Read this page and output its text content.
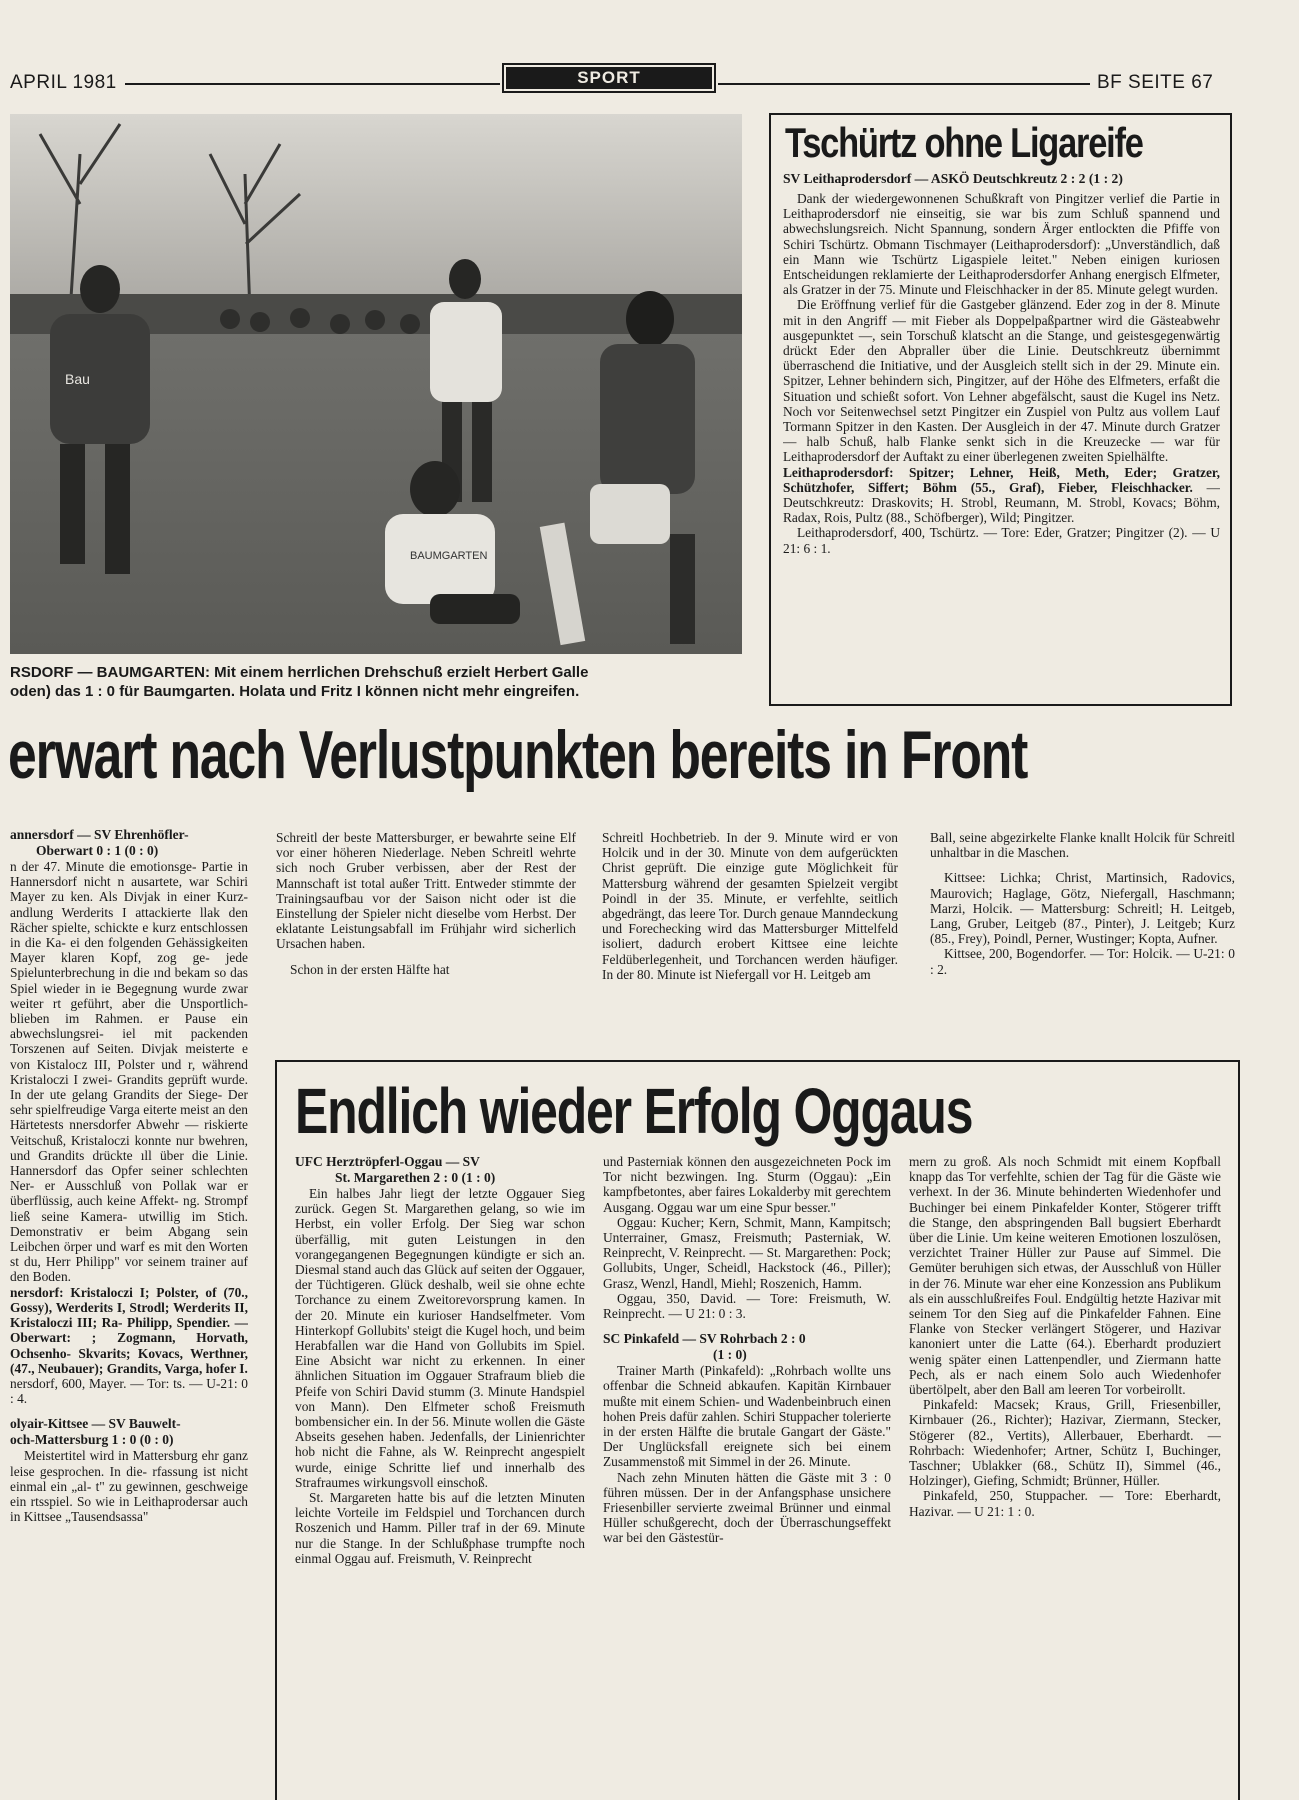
APRIL 1981	SPORT	BF SEITE 67
Bau
BAUMGARTEN
RSDORF — BAUMGARTEN: Mit einem herrlichen Drehschuß erzielt Herbert Galle
oden) das 1 : 0 für Baumgarten. Holata und Fritz I können nicht mehr eingreifen.
Tschürtz ohne Ligareife
SV Leithaprodersdorf — ASKÖ Deutschkreutz 2 : 2 (1 : 2)

Dank der wiedergewonnenen Schußkraft von Pingitzer verlief die Partie in Leithaprodersdorf nie einseitig, sie war bis zum Schluß spannend und abwechslungsreich. Nicht Spannung, sondern Ärger entlockten die Pfiffe von Schiri Tschürtz. Obmann Tischmayer (Leithaprodersdorf): „Unverständlich, daß ein Mann wie Tschürtz Ligaspiele leitet." Neben einigen kuriosen Entscheidungen reklamierte der Leithaprodersdorfer Anhang energisch Elfmeter, als Gratzer in der 75. Minute und Fleischhacker in der 85. Minute gelegt wurden.

Die Eröffnung verlief für die Gastgeber glänzend. Eder zog in der 8. Minute mit in den Angriff — mit Fieber als Doppelpaßpartner wird die Gästeabwehr ausgepunktet —, sein Torschuß klatscht an die Stange, und geistesgegenwärtig drückt Eder den Abpraller über die Linie. Deutschkreutz übernimmt überraschend die Initiative, und der Ausgleich stellt sich in der 29. Minute ein. Spitzer, Lehner behindern sich, Pingitzer, auf der Höhe des Elfmeters, erfaßt die Situation und schießt sofort. Von Lehner abgefälscht, saust die Kugel ins Netz. Noch vor Seitenwechsel setzt Pingitzer ein Zuspiel von Pultz aus vollem Lauf Tormann Spitzer in den Kasten. Der Ausgleich in der 47. Minute durch Gratzer — halb Schuß, halb Flanke senkt sich in die Kreuzecke — war für Leithaprodersdorf der Auftakt zu einer überlegenen zweiten Spielhälfte.

Leithaprodersdorf: Spitzer; Lehner, Heiß, Meth, Eder; Gratzer, Schützhofer, Siffert; Böhm (55., Graf), Fieber, Fleischhacker. — Deutschkreutz: Draskovits; H. Strobl, Reumann, M. Strobl, Kovacs; Böhm, Radax, Rois, Pultz (88., Schöfberger), Wild; Pingitzer.

Leithaprodersdorf, 400, Tschürtz. — Tore: Eder, Gratzer; Pingitzer (2). — U 21: 6 : 1.

erwart nach Verlustpunkten bereits in Front
annersdorf — SV Ehrenhöfler-
Oberwart 0 : 1 (0 : 0)

n der 47. Minute die emotionsge- Partie in Hannersdorf nicht n ausartete, war Schiri Mayer zu ken. Als Divjak in einer Kurz- andlung Werderits I attackierte llak den Rächer spielte, schickte e kurz entschlossen in die Ka- ei den folgenden Gehässigkeiten Mayer klaren Kopf, zog ge- jede Spielunterbrechung in die ınd bekam so das Spiel wieder in ie Begegnung wurde zwar weiter rt geführt, aber die Unsportlich- blieben im Rahmen. er Pause ein abwechslungsrei- iel mit packenden Torszenen auf Seiten. Divjak meisterte e von Kistalocz III, Polster und r, während Kristaloczi I zwei- Grandits geprüft wurde. In der ute gelang Grandits der Siege- Der sehr spielfreudige Varga eiterte meist an den Härtetests nnersdorfer Abwehr — riskierte Veitschuß, Kristaloczi konnte nur bwehren, und Grandits drückte ıll über die Linie. Hannersdorf das Opfer seiner schlechten Ner- er Ausschluß von Pollak war er überflüssig, auch keine Affekt- ng. Strompf ließ seine Kamera- utwillig im Stich. Demonstrativ er beim Abgang sein Leibchen örper und warf es mit den Worten st du, Herr Philipp" vor seinem trainer auf den Boden.

nersdorf: Kristaloczi I; Polster, of (70., Gossy), Werderits I, Strodl; Werderits II, Kristaloczi III; Ra- Philipp, Spendier. — Oberwart: ; Zogmann, Horvath, Ochsenho- Skvarits; Kovacs, Werthner, (47., Neubauer); Grandits, Varga, hofer I.

nersdorf, 600, Mayer. — Tor: ts. — U-21: 0 : 4.

olyair-Kittsee — SV Bauwelt-
och-Mattersburg 1 : 0 (0 : 0)

Meistertitel wird in Mattersburg ehr ganz leise gesprochen. In die- rfassung ist nicht einmal ein „al- t" zu gewinnen, geschweige ein rtsspiel. So wie in Leithaprodersar auch in Kittsee „Tausendsassa"

Schreitl der beste Mattersburger, er bewahrte seine Elf vor einer höheren Niederlage. Neben Schreitl wehrte sich noch Gruber verbissen, aber der Rest der Mannschaft ist total außer Tritt. Entweder stimmte der Trainingsaufbau vor der Saison nicht oder ist die Einstellung der Spieler nicht dieselbe vom Herbst. Der eklatante Leistungsabfall im Frühjahr wird sicherlich Ursachen haben.

Schon in der ersten Hälfte hat

Schreitl Hochbetrieb. In der 9. Minute wird er von Holcik und in der 30. Minute von dem aufgerückten Christ geprüft. Die einzige gute Möglichkeit für Mattersburg während der gesamten Spielzeit vergibt Poindl in der 35. Minute, er verfehlte, seitlich abgedrängt, das leere Tor. Durch genaue Manndeckung und Forechecking wird das Mattersburger Mittelfeld isoliert, dadurch erobert Kittsee eine leichte Feldüberlegenheit, und Torchancen werden häufiger. In der 80. Minute ist Niefergall vor H. Leitgeb am

Ball, seine abgezirkelte Flanke knallt Holcik für Schreitl unhaltbar in die Maschen.

Kittsee: Lichka; Christ, Martinsich, Radovics, Maurovich; Haglage, Götz, Niefergall, Haschmann; Marzi, Holcik. — Mattersburg: Schreitl; H. Leitgeb, Lang, Gruber, Leitgeb (87., Pinter), J. Leitgeb; Kurz (85., Frey), Poindl, Perner, Wustinger; Kopta, Aufner.

Kittsee, 200, Bogendorfer. — Tor: Holcik. — U-21: 0 : 2.

Endlich wieder Erfolg Oggaus
UFC Herztröpferl-Oggau — SV
St. Margarethen 2 : 0 (1 : 0)

Ein halbes Jahr liegt der letzte Oggauer Sieg zurück. Gegen St. Margarethen gelang, so wie im Herbst, ein voller Erfolg. Der Sieg war schon überfällig, mit guten Leistungen in den vorangegangenen Begegnungen kündigte er sich an. Diesmal stand auch das Glück auf seiten der Oggauer, der Tüchtigeren. Glück deshalb, weil sie ohne echte Torchance zu einem Zweitorevorsprung kamen. In der 20. Minute ein kurioser Handselfmeter. Vom Hinterkopf Gollubits' steigt die Kugel hoch, und beim Herabfallen war die Hand von Gollubits im Spiel. Eine Absicht war nicht zu erkennen. In einer ähnlichen Situation im Oggauer Strafraum blieb die Pfeife von Schiri David stumm (3. Minute Handspiel von Mann). Den Elfmeter schoß Freismuth bombensicher ein. In der 56. Minute wollen die Gäste Abseits gesehen haben. Jedenfalls, der Linienrichter hob nicht die Fahne, als W. Reinprecht angespielt wurde, einige Schritte lief und innerhalb des Strafraumes wirkungsvoll einschoß.

St. Margareten hatte bis auf die letzten Minuten leichte Vorteile im Feldspiel und Torchancen durch Roszenich und Hamm. Piller traf in der 69. Minute nur die Stange. In der Schlußphase trumpfte noch einmal Oggau auf. Freismuth, V. Reinprecht

und Pasterniak können den ausgezeichneten Pock im Tor nicht bezwingen. Ing. Sturm (Oggau): „Ein kampfbetontes, aber faires Lokalderby mit gerechtem Ausgang. Oggau war um eine Spur besser."

Oggau: Kucher; Kern, Schmit, Mann, Kampitsch; Unterrainer, Gmasz, Freismuth; Pasterniak, W. Reinprecht, V. Reinprecht. — St. Margarethen: Pock; Gollubits, Unger, Scheidl, Hackstock (46., Piller); Grasz, Wenzl, Handl, Miehl; Roszenich, Hamm.

Oggau, 350, David. — Tore: Freismuth, W. Reinprecht. — U 21: 0 : 3.

SC Pinkafeld — SV Rohrbach 2 : 0
(1 : 0)

Trainer Marth (Pinkafeld): „Rohrbach wollte uns offenbar die Schneid abkaufen. Kapitän Kirnbauer mußte mit einem Schien- und Wadenbeinbruch einen hohen Preis dafür zahlen. Schiri Stuppacher tolerierte in der ersten Hälfte die brutale Gangart der Gäste." Der Unglücksfall ereignete sich bei einem Zusammenstoß mit Simmel in der 26. Minute.

Nach zehn Minuten hätten die Gäste mit 3 : 0 führen müssen. Der in der Anfangsphase unsichere Friesenbiller servierte zweimal Brünner und einmal Hüller schußgerecht, doch der Überraschungseffekt war bei den Gästestür-

mern zu groß. Als noch Schmidt mit einem Kopfball knapp das Tor verfehlte, schien der Tag für die Gäste wie verhext. In der 36. Minute behinderten Wiedenhofer und Buchinger bei einem Pinkafelder Konter, Stögerer trifft die Stange, den abspringenden Ball bugsiert Eberhardt über die Linie. Um keine weiteren Emotionen loszulösen, verzichtet Trainer Hüller zur Pause auf Simmel. Die Gemüter beruhigen sich etwas, der Ausschluß von Hüller in der 76. Minute war eher eine Konzession ans Publikum als ein ausschlußreifes Foul. Endgültig hetzte Hazivar mit seinem Tor den Sieg auf die Pinkafelder Fahnen. Eine Flanke von Stecker verlängert Stögerer, und Hazivar kanoniert unter die Latte (64.). Eberhardt produziert wenig später einen Lattenpendler, und Ziermann hatte Pech, als er nach einem Solo auch Wiedenhofer übertölpelt, aber den Ball am leeren Tor vorbeirollt.

Pinkafeld: Macsek; Kraus, Grill, Friesenbiller, Kirnbauer (26., Richter); Hazivar, Ziermann, Stecker, Stögerer (82., Vertits), Allerbauer, Eberhardt. — Rohrbach: Wiedenhofer; Artner, Schütz I, Buchinger, Taschner; Ublakker (68., Schütz II), Simmel (46., Holzinger), Giefing, Schmidt; Brünner, Hüller.

Pinkafeld, 250, Stuppacher. — Tore: Eberhardt, Hazivar. — U 21: 1 : 0.
